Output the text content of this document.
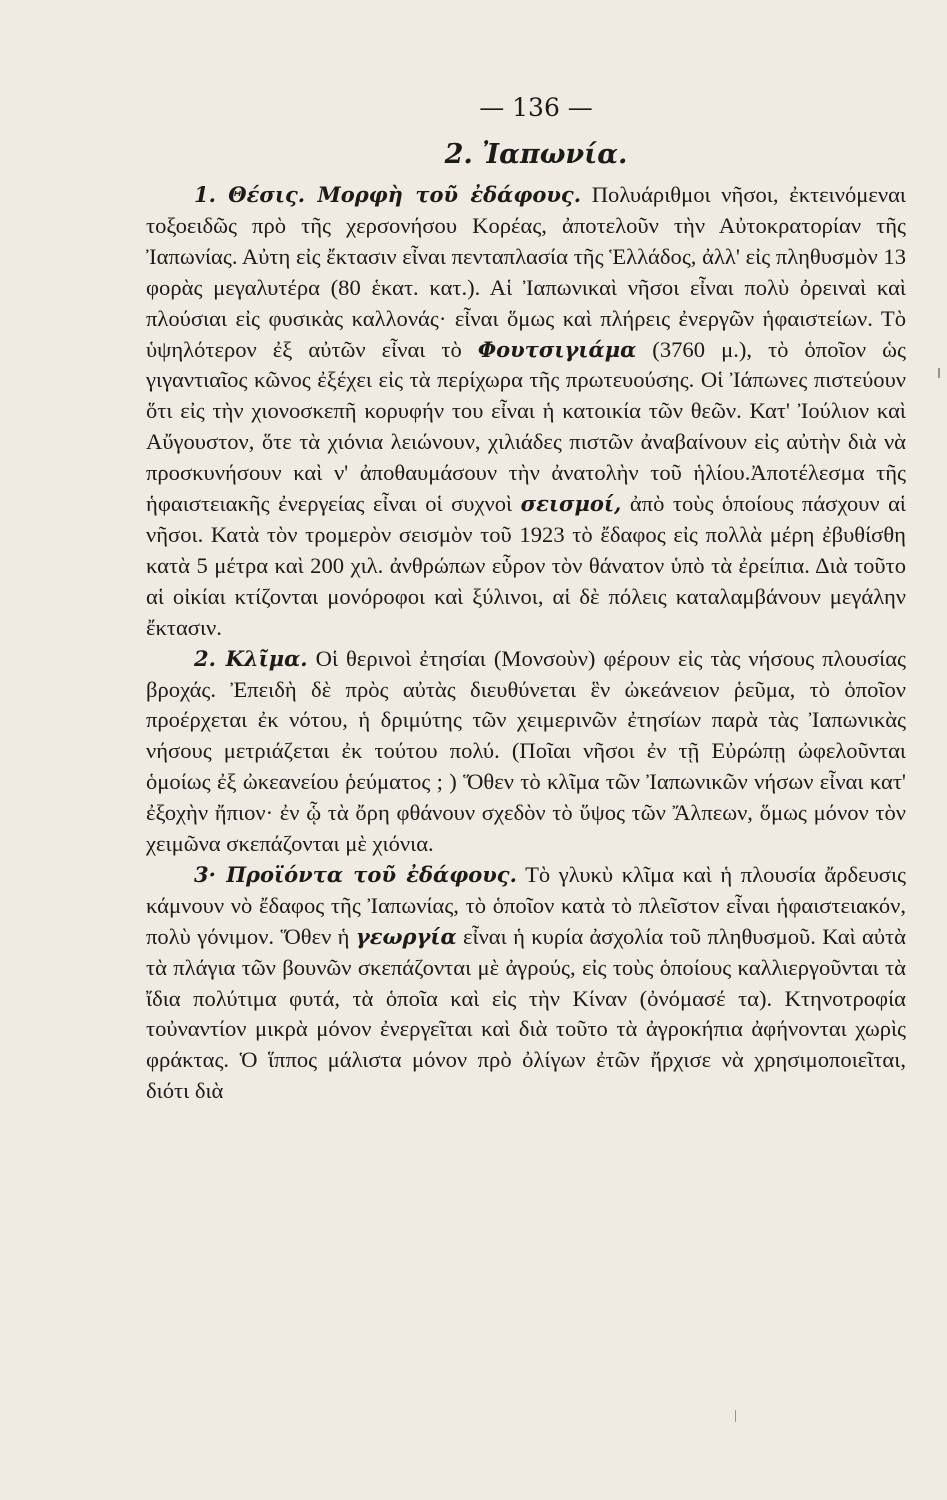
— 136 —
2. Ἰαπωνία.

1. Θέσις. Μορφὴ τοῦ ἐδάφους. Πολυάριθμοι νῆσοι, ἐκτεινόμεναι τοξοειδῶς πρὸ τῆς χερσονήσου Κορέας, ἀποτελοῦν τὴν Αὐτοκρατορίαν τῆς Ἰαπωνίας. Αὐτη εἰς ἔκτασιν εἶναι πενταπλασία τῆς Ἑλλάδος, ἀλλ' εἰς πληθυσμὸν 13 φορὰς μεγαλυτέρα (80 ἑκατ. κατ.). Αἱ Ἰαπωνικαὶ νῆσοι εἶναι πολὺ ὀρειναὶ καὶ πλούσιαι εἰς φυσικὰς καλλονάς· εἶναι ὅμως καὶ πλήρεις ἐνεργῶν ἡφαιστείων. Τὸ ὑψηλότερον ἐξ αὐτῶν εἶναι τὸ Φουτσιγιάμα (3760 μ.), τὸ ὁποῖον ὡς γιγαντιαῖος κῶνος ἐξέχει εἰς τὰ περίχωρα τῆς πρωτευούσης. Οἱ Ἰάπωνες πιστεύουν ὅτι εἰς τὴν χιονοσκεπῆ κορυφήν του εἶναι ἡ κατοικία τῶν θεῶν. Κατ' Ἰούλιον καὶ Αὔγουστον, ὅτε τὰ χιόνια λειώνουν, χιλιάδες πιστῶν ἀναβαίνουν εἰς αὐτὴν διὰ νὰ προσκυνήσουν καὶ ν' ἀποθαυμάσουν τὴν ἀνατολὴν τοῦ ἡλίου.Ἀποτέλεσμα τῆς ἡφαιστειακῆς ἐνεργείας εἶναι οἱ συχνοὶ σεισμοί, ἀπὸ τοὺς ὁποίους πάσχουν αἱ νῆσοι. Κατὰ τὸν τρομερὸν σεισμὸν τοῦ 1923 τὸ ἔδαφος εἰς πολλὰ μέρη ἐβυθίσθη κατὰ 5 μέτρα καὶ 200 χιλ. ἀνθρώπων εὗρον τὸν θάνατον ὑπὸ τὰ ἐρείπια. Διὰ τοῦτο αἱ οἰκίαι κτίζονται μονόροφοι καὶ ξύλινοι, αἱ δὲ πόλεις καταλαμβάνουν μεγάλην ἔκτασιν.

2. Κλῖμα. Οἱ θερινοὶ ἐτησίαι (Μονσοὺν) φέρουν εἰς τὰς νήσους πλουσίας βροχάς. Ἐπειδὴ δὲ πρὸς αὐτὰς διευθύνεται ἓν ὠκεάνειον ῥεῦμα, τὸ ὁποῖον προέρχεται ἐκ νότου, ἡ δριμύτης τῶν χειμερινῶν ἐτησίων παρὰ τὰς Ἰαπωνικὰς νήσους μετριάζεται ἐκ τούτου πολύ. (Ποῖαι νῆσοι ἐν τῇ Εὐρώπῃ ὠφελοῦνται ὁμοίως ἐξ ὠκεανείου ῥεύματος ; ) Ὅθεν τὸ κλῖμα τῶν Ἰαπωνικῶν νήσων εἶναι κατ' ἐξοχὴν ἤπιον· ἐν ᾧ τὰ ὄρη φθάνουν σχεδὸν τὸ ὕψος τῶν Ἄλπεων, ὅμως μόνον τὸν χειμῶνα σκεπάζονται μὲ χιόνια.

3· Προϊόντα τοῦ ἐδάφους. Τὸ γλυκὺ κλῖμα καὶ ἡ πλουσία ἄρδευσις κάμνουν νὸ ἔδαφος τῆς Ἰαπωνίας, τὸ ὁποῖον κατὰ τὸ πλεῖστον εἶναι ἡφαιστειακόν, πολὺ γόνιμον. Ὅθεν ἡ γεωργία εἶναι ἡ κυρία ἀσχολία τοῦ πληθυσμοῦ. Καὶ αὐτὰ τὰ πλάγια τῶν βουνῶν σκεπάζονται μὲ ἀγρούς, εἰς τοὺς ὁποίους καλλιεργοῦνται τὰ ἴδια πολύτιμα φυτά, τὰ ὁποῖα καὶ εἰς τὴν Κίναν (ὀνόμασέ τα). Κτηνοτροφία τοὐναντίον μικρὰ μόνον ἐνεργεῖται καὶ διὰ τοῦτο τὰ ἀγροκήπια ἀφήνονται χωρὶς φράκτας. Ὁ ἵππος μάλιστα μόνον πρὸ ὀλίγων ἐτῶν ἤρχισε νὰ χρησιμοποιεῖται, διότι διὰ
